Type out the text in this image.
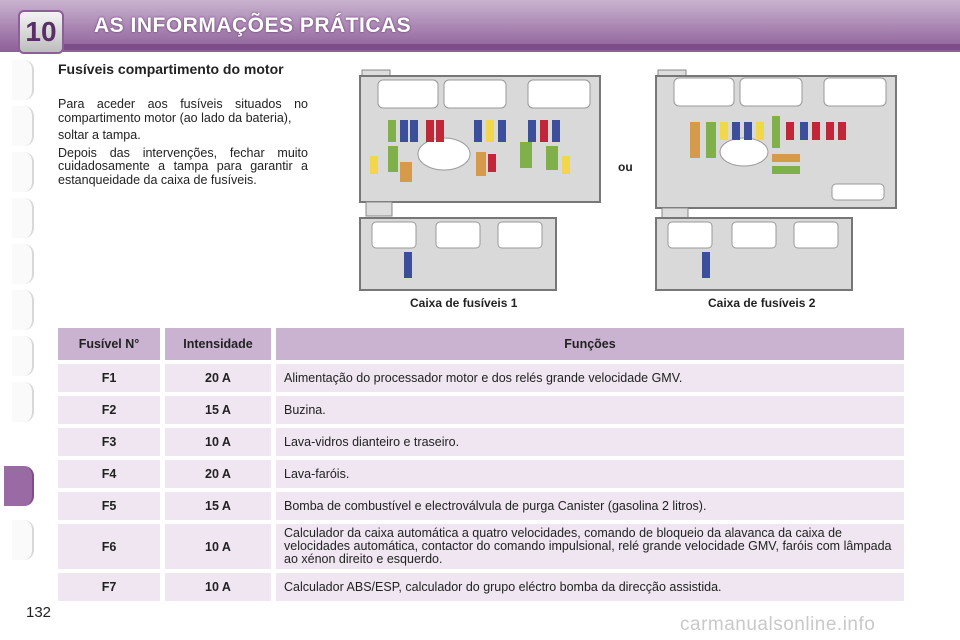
10	AS INFORMAÇÕES PRÁTICAS
Fusíveis compartimento do motor

Para aceder aos fusíveis situados no compartimento motor (ao lado da bateria),

soltar a tampa.

Depois das intervenções, fechar muito cuidadosamente a tampa para garantir a estanqueidade da caixa de fusíveis.

Caixa de fusíveis 1
ou
Caixa de fusíveis 2
Fusível N°		Intensidade		Funções
F1		20 A		Alimentação do processador motor e dos relés grande velocidade GMV.
F2		15 A		Buzina.
F3		10 A		Lava-vidros dianteiro e traseiro.
F4		20 A		Lava-faróis.
F5		15 A		Bomba de combustível e electroválvula de purga Canister (gasolina 2 litros).
F6		10 A		Calculador da caixa automática a quatro velocidades, comando de bloqueio da alavanca da caixa de velocidades automática, contactor do comando impulsional, relé grande velocidade GMV, faróis com lâmpada ao xénon direito e esquerdo.
F7		10 A		Calculador ABS/ESP, calculador do grupo eléctro bomba da direcção assistida.
132
carmanualsonline.info
